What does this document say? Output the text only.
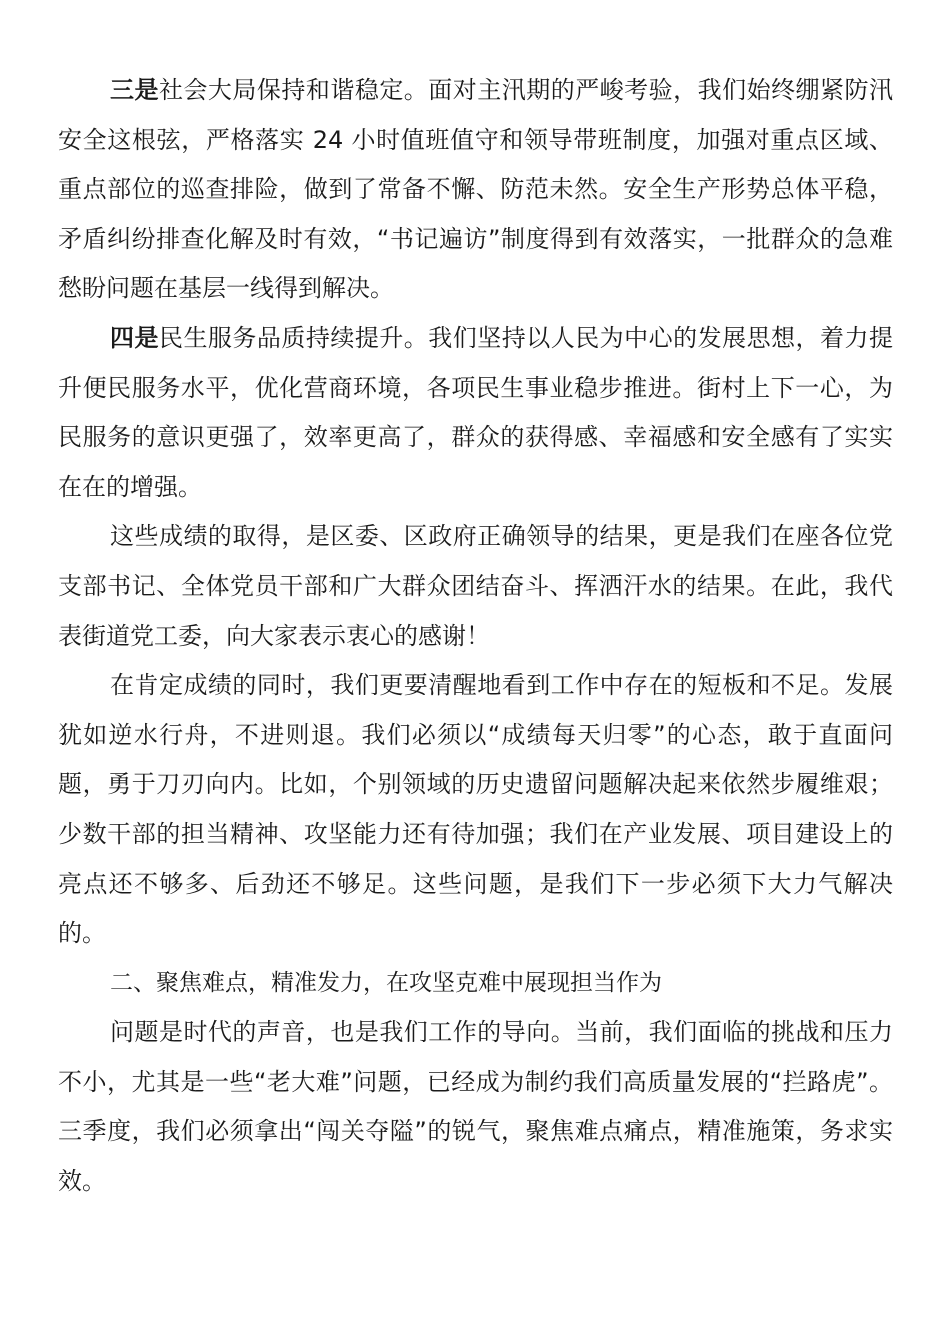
三是社会大局保持和谐稳定。面对主汛期的严峻考验，我们始终绷紧防汛安全这根弦，严格落实 24 小时值班值守和领导带班制度，加强对重点区域、重点部位的巡查排险，做到了常备不懈、防范未然。安全生产形势总体平稳，矛盾纠纷排查化解及时有效，“书记遍访”制度得到有效落实，一批群众的急难愁盼问题在基层一线得到解决。

四是民生服务品质持续提升。我们坚持以人民为中心的发展思想，着力提升便民服务水平，优化营商环境，各项民生事业稳步推进。街村上下一心，为民服务的意识更强了，效率更高了，群众的获得感、幸福感和安全感有了实实在在的增强。

这些成绩的取得，是区委、区政府正确领导的结果，更是我们在座各位党支部书记、全体党员干部和广大群众团结奋斗、挥洒汗水的结果。在此，我代表街道党工委，向大家表示衷心的感谢！

在肯定成绩的同时，我们更要清醒地看到工作中存在的短板和不足。发展犹如逆水行舟，不进则退。我们必须以“成绩每天归零”的心态，敢于直面问题，勇于刀刃向内。比如，个别领域的历史遗留问题解决起来依然步履维艰；少数干部的担当精神、攻坚能力还有待加强；我们在产业发展、项目建设上的亮点还不够多、后劲还不够足。这些问题，是我们下一步必须下大力气解决的。

二、聚焦难点，精准发力，在攻坚克难中展现担当作为

问题是时代的声音，也是我们工作的导向。当前，我们面临的挑战和压力不小，尤其是一些“老大难”问题，已经成为制约我们高质量发展的“拦路虎”。三季度，我们必须拿出“闯关夺隘”的锐气，聚焦难点痛点，精准施策，务求实效。
